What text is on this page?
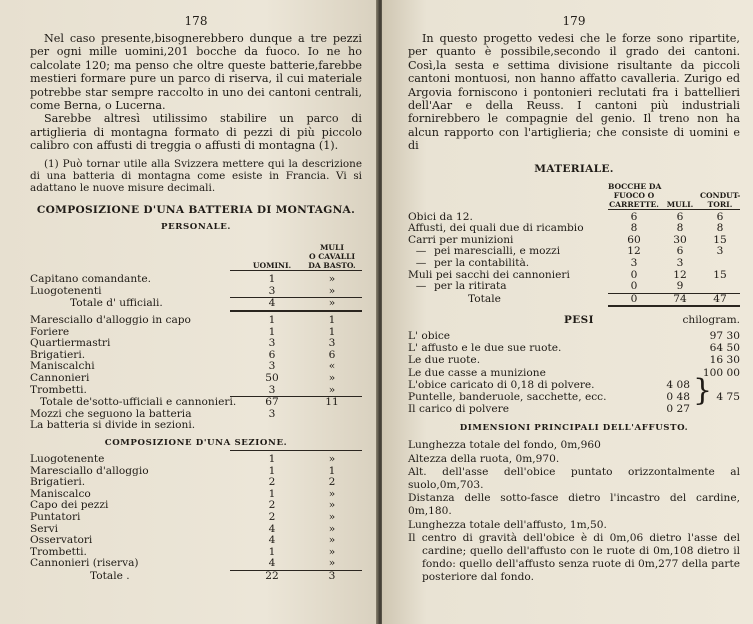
178

Nel caso presente,bisognerebbero dunque a tre pezzi per ogni mille uomini,201 bocche da fuoco. Io ne ho calcolate 120; ma penso che oltre queste batterie,farebbe mestieri formare pure un parco di riserva, il cui materiale potrebbe star sempre raccolto in uno dei cantoni centrali, come Berna, o Lucerna.

Sarebbe altresì utilissimo stabilire un parco di artiglieria di montagna formato di pezzi di più piccolo calibro con affusti di treggia o affusti di montagna (1).

(1) Può tornar utile alla Svizzera mettere qui la descrizione di una batteria di montagna come esiste in Francia. Vi si adattano le nuove misure decimali.

COMPOSIZIONE D'UNA BATTERIA DI MONTAGNA.
PERSONALE.
UOMINI.
MULI
O CAVALLI
DA BASTO.
Capitano comandante.	1	»
Luogotenenti	3	»
Totale d' ufficiali.	4	»
Maresciallo d'alloggio in capo	1	1
Foriere	1	1
Quartiermastri	3	3
Brigatieri.	6	6
Maniscalchi	3	«
Cannonieri	50	»
Trombetti.	3	»
Totale de'sotto-ufficiali e cannonieri.	67	11
Mozzi che seguono la batteria	3
La batteria si divide in sezioni.
COMPOSIZIONE D'UNA SEZIONE.
Luogotenente	1	»
Maresciallo d'alloggio	1	1
Brigatieri.	2	2
Maniscalco	1	»
Capo dei pezzi	2	»
Puntatori	2	»
Servi	4	»
Osservatori	4	»
Trombetti.	1	»
Cannonieri (riserva)	4	»
Totale .	22	3
179

In questo progetto vedesi che le forze sono ripartite, per quanto è possibile,secondo il grado dei cantoni. Così,la sesta e settima divisione risultante da piccoli cantoni montuosi, non hanno affatto cavalleria. Zurigo ed Argovia forniscono i pontonieri reclutati fra i battellieri dell'Aar e della Reuss. I cantoni più industriali fornirebbero le compagnie del genio. Il treno non ha alcun rapporto con l'artiglieria; che consiste di uomini e di

MATERIALE.
BOCCHE DA
FUOCO O
CARRETTE.	MULI.
CONDUT-
TORI.
Obici da 12.	6	6	6
Affusti, dei quali due di ricambio	8	8	8
Carri per munizioni	60	30	15
— pei marescialli, e mozzi	12	6	3
— per la contabilità.	3	3
Muli pei sacchi dei cannonieri	0	12	15
— per la ritirata	0	9
Totale	0	74	47
PESI	chilogram.
L' obice	97 30
L' affusto e le due sue ruote.	64 50
Le due ruote.	16 30
Le due casse a munizione	100 00
L'obice caricato di 0,18 di polvere.	4 08
Puntelle, banderuole, sacchette, ecc.	0 48	4 75
Il carico di polvere	0 27
}
DIMENSIONI PRINCIPALI DELL'AFFUSTO.

Lunghezza totale del fondo, 0m,960

Altezza della ruota, 0m,970.

Alt. dell'asse dell'obice puntato orizzontalmente al suolo,0m,703.

Distanza delle sotto-fasce dietro l'incastro del cardine, 0m,180.

Lunghezza totale dell'affusto, 1m,50.

Il centro di gravità dell'obice è di 0m,06 dietro l'asse del cardine; quello dell'affusto con le ruote di 0m,108 dietro il fondo: quello dell'affusto senza ruote di 0m,277 della parte posteriore dal fondo.
